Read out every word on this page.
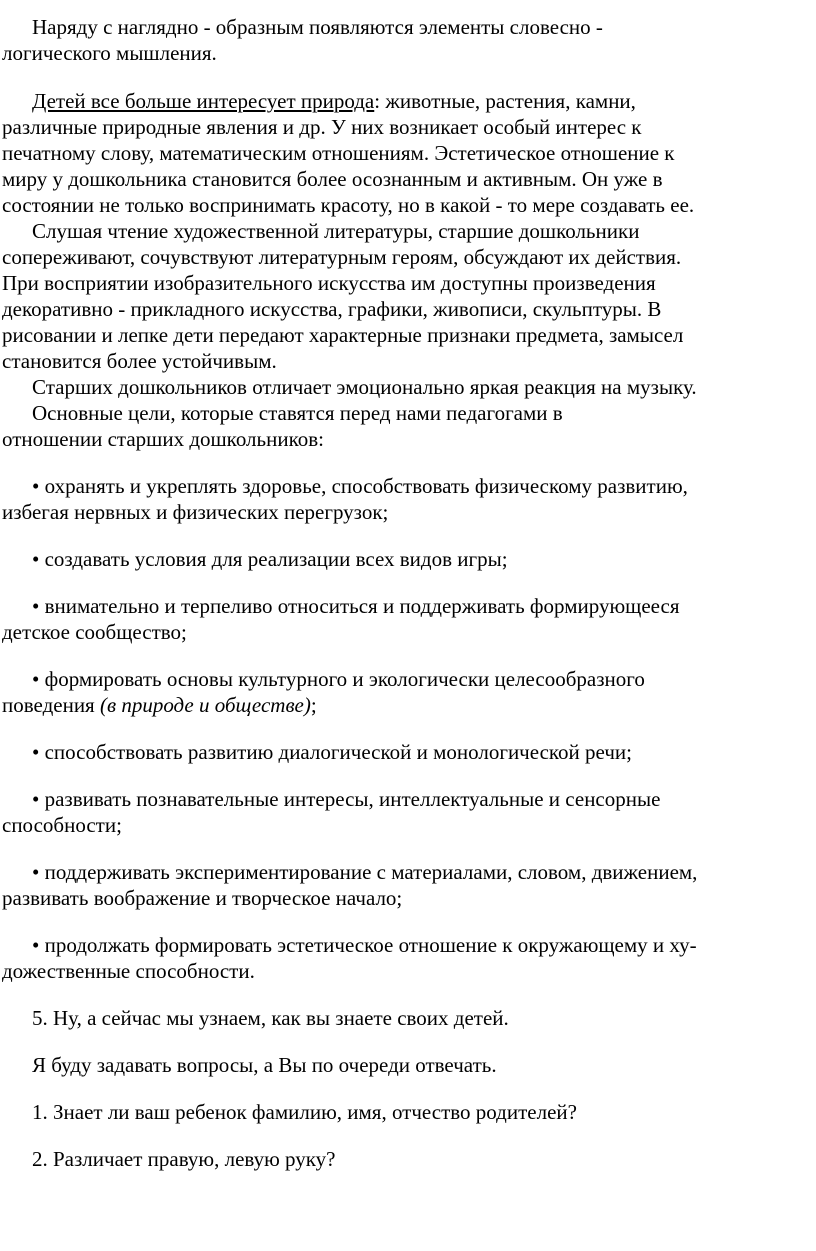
Наряду с наглядно - образным появляются элементы словесно -
логического мышления.

Детей все больше интересует природа: животные, растения, камни,
различные природные явления и др. У них возникает особый интерес к
печатному слову, математическим отношениям. Эстетическое отношение к
миру у дошкольника становится более осознанным и активным. Он уже в
состоянии не только воспринимать красоту, но в какой - то мере создавать ее.

Слушая чтение художественной литературы, старшие дошкольники
сопереживают, сочувствуют литературным героям, обсуждают их действия.
При восприятии изобразительного искусства им доступны произведения
декоративно - прикладного искусства, графики, живописи, скульптуры. В
рисовании и лепке дети передают характерные признаки предмета, замысел
становится более устойчивым.

Старших дошкольников отличает эмоционально яркая реакция на музыку.

Основные цели, которые ставятся перед нами педагогами в
отношении старших дошкольников:

• охранять и укреплять здоровье, способствовать физическому развитию,
избегая нервных и физических перегрузок;

• создавать условия для реализации всех видов игры;

• внимательно и терпеливо относиться и поддерживать формирующееся
детское сообщество;

• формировать основы культурного и экологически целесообразного
поведения (в природе и обществе);

• способствовать развитию диалогической и монологической речи;

• развивать познавательные интересы, интеллектуальные и сенсорные
способности;

• поддерживать экспериментирование с материалами, словом, движением,
развивать воображение и творческое начало;

• продолжать формировать эстетическое отношение к окружающему и ху-
дожественные способности.

5. Ну, а сейчас мы узнаем, как вы знаете своих детей.

Я буду задавать вопросы, а Вы по очереди отвечать.

1. Знает ли ваш ребенок фамилию, имя, отчество родителей?

2. Различает правую, левую руку?
